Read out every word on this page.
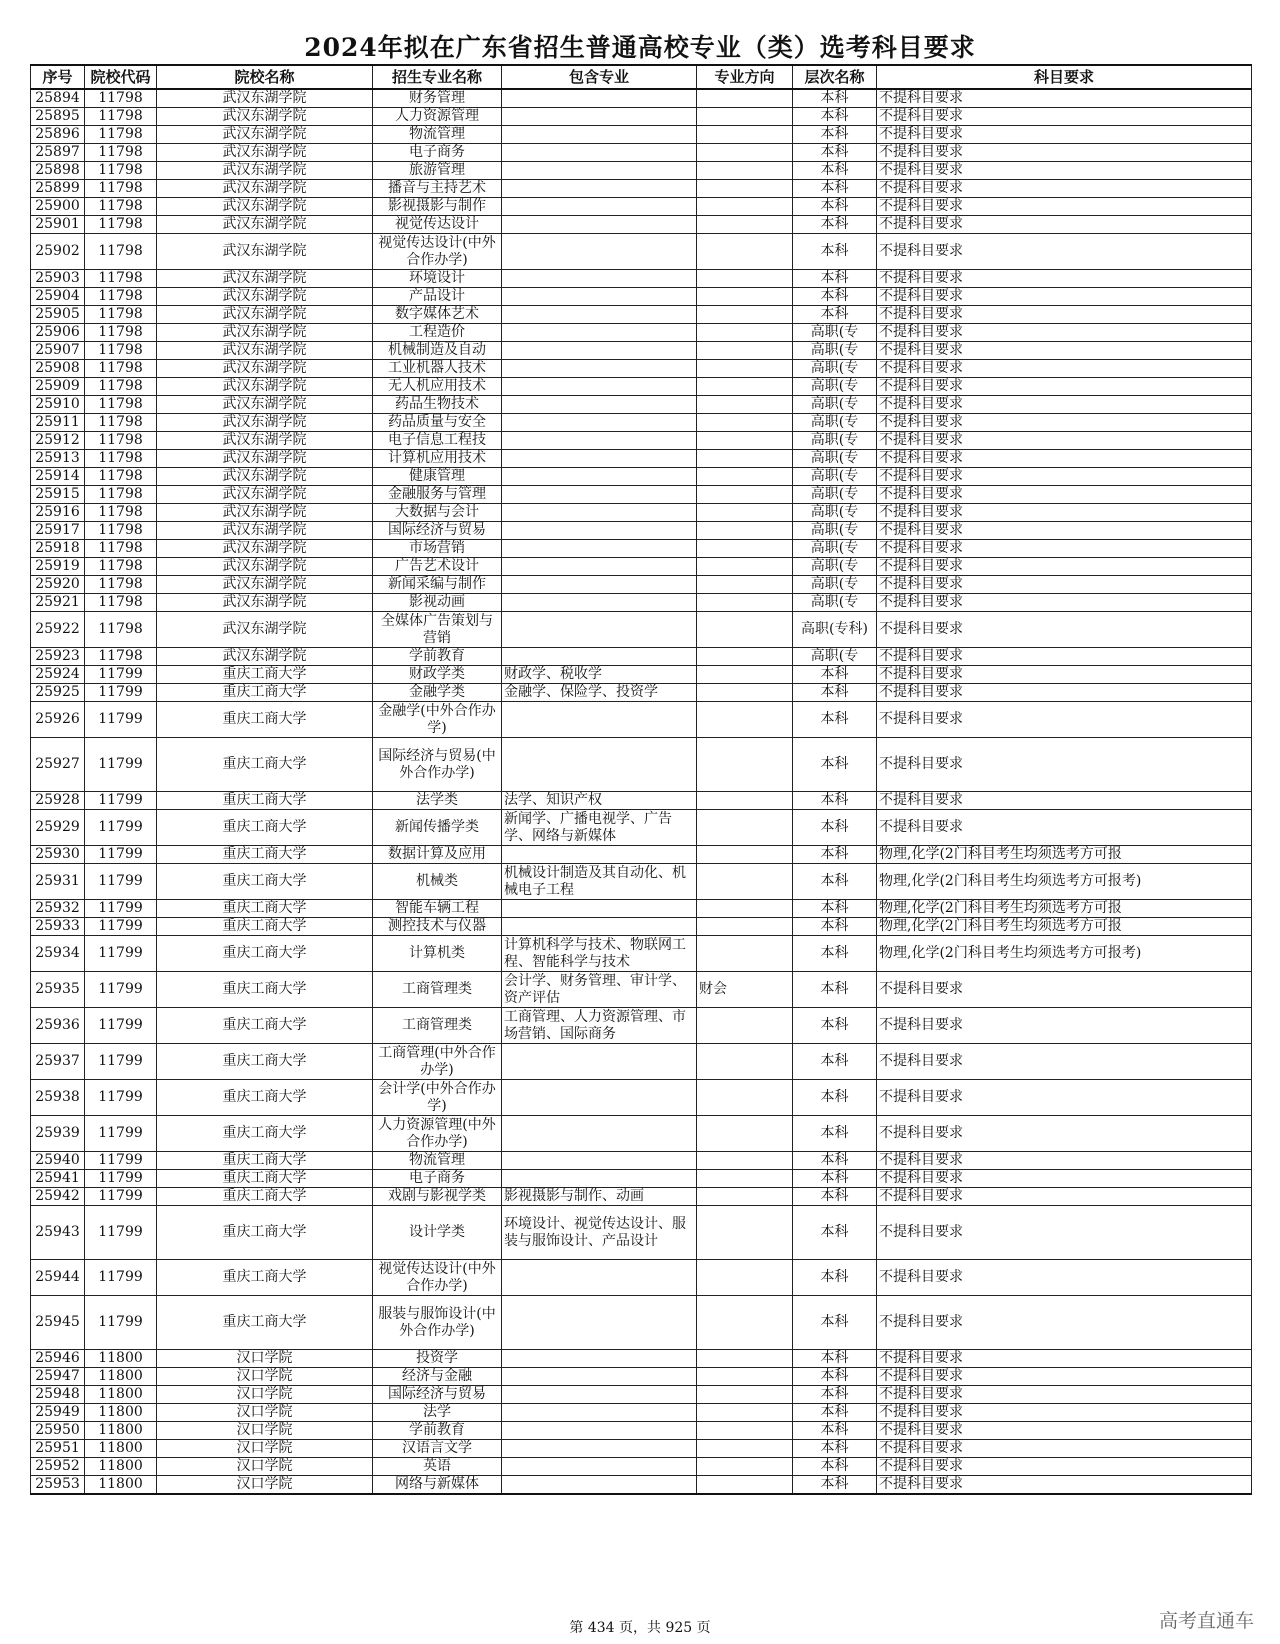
2024年拟在广东省招生普通高校专业（类）选考科目要求
序号	院校代码	院校名称	招生专业名称	包含专业	专业方向	层次名称	科目要求
25894	11798	武汉东湖学院	财务管理			本科	不提科目要求
25895	11798	武汉东湖学院	人力资源管理			本科	不提科目要求
25896	11798	武汉东湖学院	物流管理			本科	不提科目要求
25897	11798	武汉东湖学院	电子商务			本科	不提科目要求
25898	11798	武汉东湖学院	旅游管理			本科	不提科目要求
25899	11798	武汉东湖学院	播音与主持艺术			本科	不提科目要求
25900	11798	武汉东湖学院	影视摄影与制作			本科	不提科目要求
25901	11798	武汉东湖学院	视觉传达设计			本科	不提科目要求
25902	11798	武汉东湖学院	视觉传达设计(中外合作办学)			本科	不提科目要求
25903	11798	武汉东湖学院	环境设计			本科	不提科目要求
25904	11798	武汉东湖学院	产品设计			本科	不提科目要求
25905	11798	武汉东湖学院	数字媒体艺术			本科	不提科目要求
25906	11798	武汉东湖学院	工程造价			高职(专	不提科目要求
25907	11798	武汉东湖学院	机械制造及自动			高职(专	不提科目要求
25908	11798	武汉东湖学院	工业机器人技术			高职(专	不提科目要求
25909	11798	武汉东湖学院	无人机应用技术			高职(专	不提科目要求
25910	11798	武汉东湖学院	药品生物技术			高职(专	不提科目要求
25911	11798	武汉东湖学院	药品质量与安全			高职(专	不提科目要求
25912	11798	武汉东湖学院	电子信息工程技			高职(专	不提科目要求
25913	11798	武汉东湖学院	计算机应用技术			高职(专	不提科目要求
25914	11798	武汉东湖学院	健康管理			高职(专	不提科目要求
25915	11798	武汉东湖学院	金融服务与管理			高职(专	不提科目要求
25916	11798	武汉东湖学院	大数据与会计			高职(专	不提科目要求
25917	11798	武汉东湖学院	国际经济与贸易			高职(专	不提科目要求
25918	11798	武汉东湖学院	市场营销			高职(专	不提科目要求
25919	11798	武汉东湖学院	广告艺术设计			高职(专	不提科目要求
25920	11798	武汉东湖学院	新闻采编与制作			高职(专	不提科目要求
25921	11798	武汉东湖学院	影视动画			高职(专	不提科目要求
25922	11798	武汉东湖学院	全媒体广告策划与营销			高职(专科)	不提科目要求
25923	11798	武汉东湖学院	学前教育			高职(专	不提科目要求
25924	11799	重庆工商大学	财政学类	财政学、税收学		本科	不提科目要求
25925	11799	重庆工商大学	金融学类	金融学、保险学、投资学		本科	不提科目要求
25926	11799	重庆工商大学	金融学(中外合作办学)			本科	不提科目要求
25927	11799	重庆工商大学	国际经济与贸易(中外合作办学)			本科	不提科目要求
25928	11799	重庆工商大学	法学类	法学、知识产权		本科	不提科目要求
25929	11799	重庆工商大学	新闻传播学类	新闻学、广播电视学、广告学、网络与新媒体		本科	不提科目要求
25930	11799	重庆工商大学	数据计算及应用			本科	物理,化学(2门科目考生均须选考方可报
25931	11799	重庆工商大学	机械类	机械设计制造及其自动化、机械电子工程		本科	物理,化学(2门科目考生均须选考方可报考)
25932	11799	重庆工商大学	智能车辆工程			本科	物理,化学(2门科目考生均须选考方可报
25933	11799	重庆工商大学	测控技术与仪器			本科	物理,化学(2门科目考生均须选考方可报
25934	11799	重庆工商大学	计算机类	计算机科学与技术、物联网工程、智能科学与技术		本科	物理,化学(2门科目考生均须选考方可报考)
25935	11799	重庆工商大学	工商管理类	会计学、财务管理、审计学、资产评估	财会	本科	不提科目要求
25936	11799	重庆工商大学	工商管理类	工商管理、人力资源管理、市场营销、国际商务		本科	不提科目要求
25937	11799	重庆工商大学	工商管理(中外合作办学)			本科	不提科目要求
25938	11799	重庆工商大学	会计学(中外合作办学)			本科	不提科目要求
25939	11799	重庆工商大学	人力资源管理(中外合作办学)			本科	不提科目要求
25940	11799	重庆工商大学	物流管理			本科	不提科目要求
25941	11799	重庆工商大学	电子商务			本科	不提科目要求
25942	11799	重庆工商大学	戏剧与影视学类	影视摄影与制作、动画		本科	不提科目要求
25943	11799	重庆工商大学	设计学类	环境设计、视觉传达设计、服装与服饰设计、产品设计		本科	不提科目要求
25944	11799	重庆工商大学	视觉传达设计(中外合作办学)			本科	不提科目要求
25945	11799	重庆工商大学	服装与服饰设计(中外合作办学)			本科	不提科目要求
25946	11800	汉口学院	投资学			本科	不提科目要求
25947	11800	汉口学院	经济与金融			本科	不提科目要求
25948	11800	汉口学院	国际经济与贸易			本科	不提科目要求
25949	11800	汉口学院	法学			本科	不提科目要求
25950	11800	汉口学院	学前教育			本科	不提科目要求
25951	11800	汉口学院	汉语言文学			本科	不提科目要求
25952	11800	汉口学院	英语			本科	不提科目要求
25953	11800	汉口学院	网络与新媒体			本科	不提科目要求
第 434 页，共 925 页	高考直通车
